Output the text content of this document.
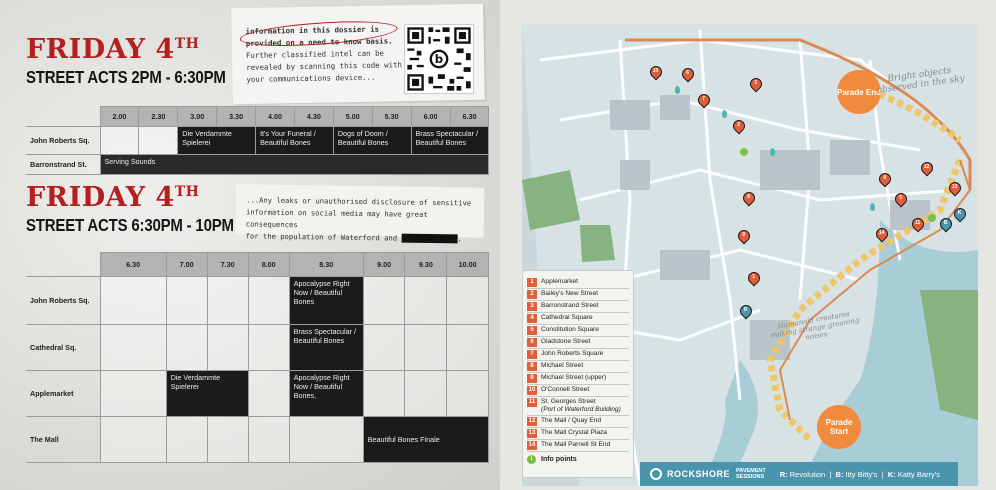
FRIDAY 4TH
STREET ACTS 2PM - 6:30PM
	2.00	2.30	3.00	3.30	4.00	4.30	5.00	5.30	6.00	6.30
John Roberts Sq.			Die Verdammte Spielerei		It's Your Funeral / Beautiful Bones		Dogs of Doom / Beautiful Bones		Brass Spectacular / Beautiful Bones	
Barronstrand St.	Serving Sounds									
FRIDAY 4TH
STREET ACTS 6:30PM - 10PM
	6.30	7.00	7.30	8.00	8.30	9.00	9.30	10.00
John Roberts Sq.					Apocalypse Right Now / Beautiful Bones			
Cathedral Sq.					Brass Spectacular / Beautiful Bones			
Applemarket		Die Verdammte Spielerei			Apocalypse Right Now / Beautiful Bones,			
The Mall						Beautiful Bones Finale		
information in this dossier is
provided on a need to know basis.
Further classified intel can be
revealed by scanning this code with
your communications device...
b
...Any leaks or unauthorised disclosure of sensitive
information on social media may have great consequences
for the population of Waterford and XXXXXXXXXXXX .
Parade End
Parade Start
Bright objects observed in the sky
Humanoid creatures making strange groaning noises
10	6
7
3
2
8
9
1
4
5
12
13
14
11
R
B
K
1	Applemarket
2	Bailey's New Street
3	Barronstrand Street
4	Cathedral Square
5	Constitution Square
6	Gladstone Street
7	John Roberts Square
8	Michael Street
9	Michael Street (upper)
10 O'Connell Street
11 St. Georges Street
(Port of Waterford Building)
12 The Mall / Quay End
13 The Mall Crystal Plaza
14 The Mall Parnell St End
i	Info points
ROCKSHORE PAVEMENT
SESSIONS R: Revolution  |  B: Itty Bitty's  |  K: Katty Barry's
